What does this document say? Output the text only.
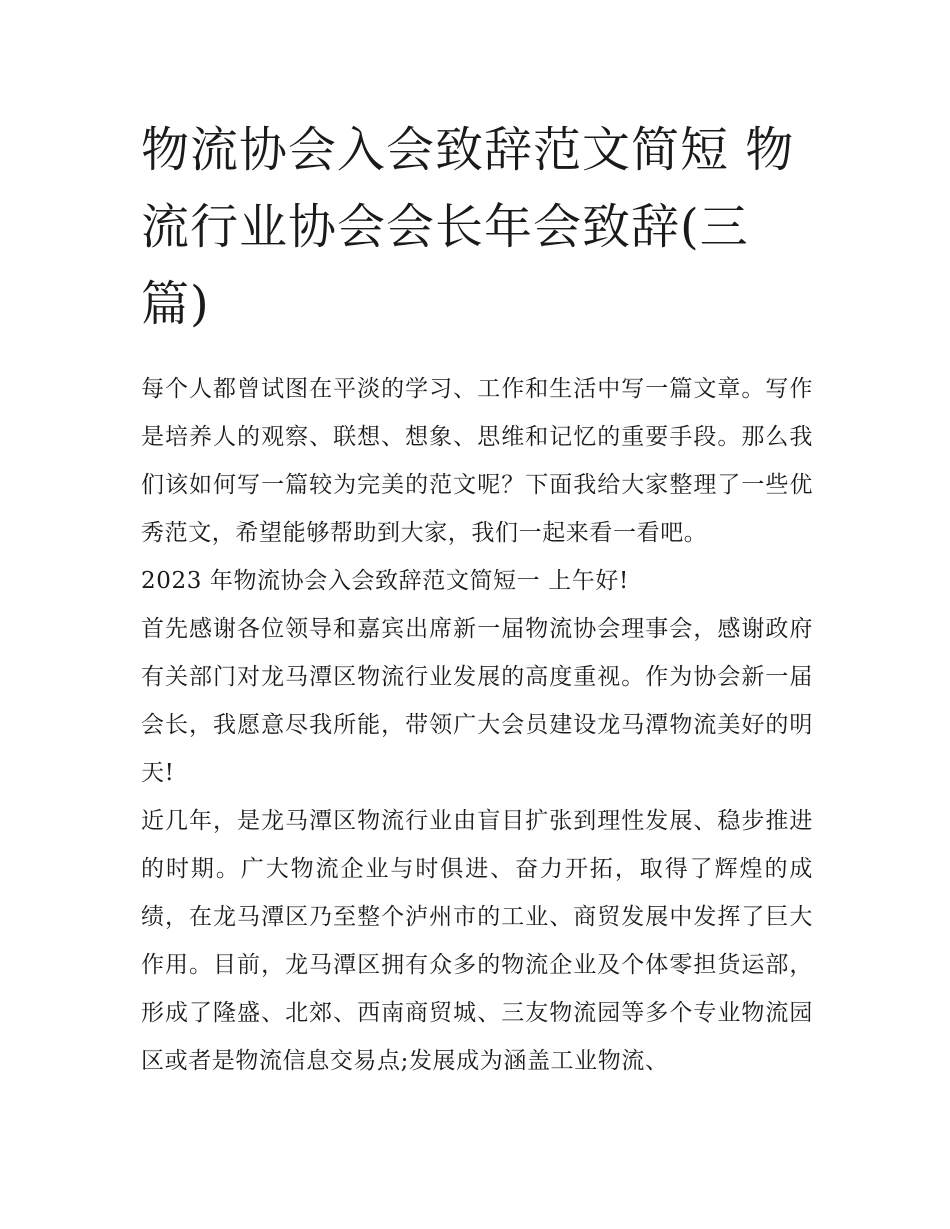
物流协会入会致辞范文简短 物流行业协会会长年会致辞(三篇)

每个人都曾试图在平淡的学习、工作和生活中写一篇文章。写作是培养人的观察、联想、想象、思维和记忆的重要手段。那么我们该如何写一篇较为完美的范文呢？下面我给大家整理了一些优秀范文，希望能够帮助到大家，我们一起来看一看吧。

2023 年物流协会入会致辞范文简短一 上午好!

首先感谢各位领导和嘉宾出席新一届物流协会理事会，感谢政府有关部门对龙马潭区物流行业发展的高度重视。作为协会新一届会长，我愿意尽我所能，带领广大会员建设龙马潭物流美好的明天!

近几年，是龙马潭区物流行业由盲目扩张到理性发展、稳步推进的时期。广大物流企业与时俱进、奋力开拓，取得了辉煌的成绩，在龙马潭区乃至整个泸州市的工业、商贸发展中发挥了巨大作用。目前，龙马潭区拥有众多的物流企业及个体零担货运部，形成了隆盛、北郊、西南商贸城、三友物流园等多个专业物流园区或者是物流信息交易点;发展成为涵盖工业物流、
